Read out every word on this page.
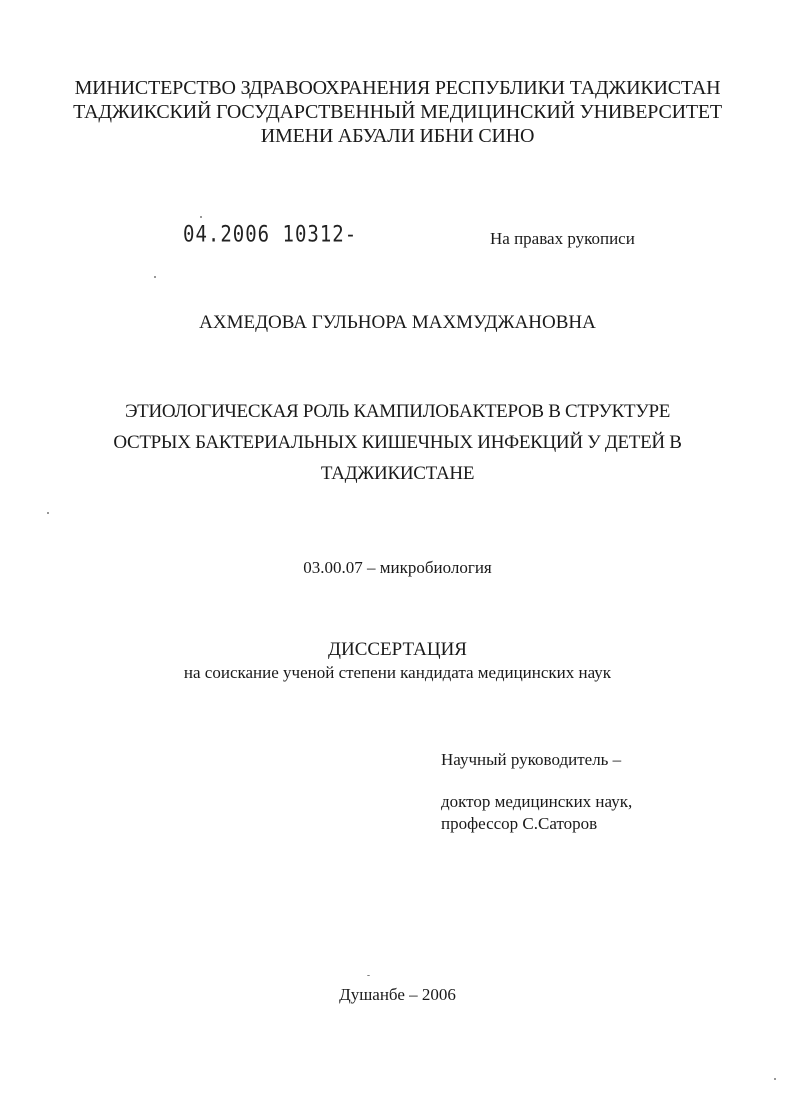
МИНИСТЕРСТВО ЗДРАВООХРАНЕНИЯ РЕСПУБЛИКИ ТАДЖИКИСТАН
ТАДЖИКСКИЙ ГОСУДАРСТВЕННЫЙ МЕДИЦИНСКИЙ УНИВЕРСИТЕТ
ИМЕНИ АБУАЛИ ИБНИ СИНО
04.2006 10312-	На правах рукописи
АХМЕДОВА ГУЛЬНОРА МАХМУДЖАНОВНА
ЭТИОЛОГИЧЕСКАЯ РОЛЬ КАМПИЛОБАКТЕРОВ В СТРУКТУРЕ
ОСТРЫХ БАКТЕРИАЛЬНЫХ КИШЕЧНЫХ ИНФЕКЦИЙ У ДЕТЕЙ В
ТАДЖИКИСТАНЕ
03.00.07 – микробиология
ДИССЕРТАЦИЯ
на соискание ученой степени кандидата медицинских наук
Научный руководитель –
доктор медицинских наук,
профессор С.Саторов
Душанбе – 2006
